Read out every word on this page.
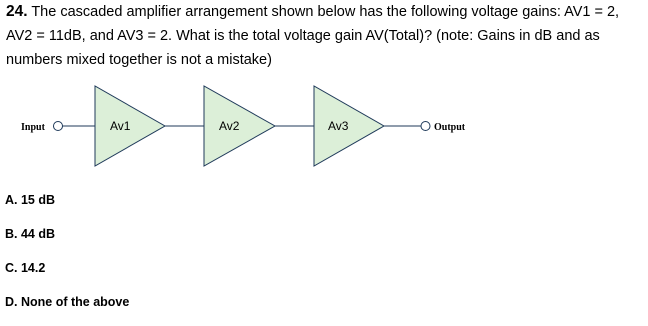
24. The cascaded amplifier arrangement shown below has the following voltage gains: AV1 = 2, AV2 = 11dB, and AV3 = 2. What is the total voltage gain AV(Total)? (note: Gains in dB and as numbers mixed together is not a mistake)
Input	Av1	Av2	Av3	Output
A. 15 dB
B. 44 dB
C. 14.2
D. None of the above
